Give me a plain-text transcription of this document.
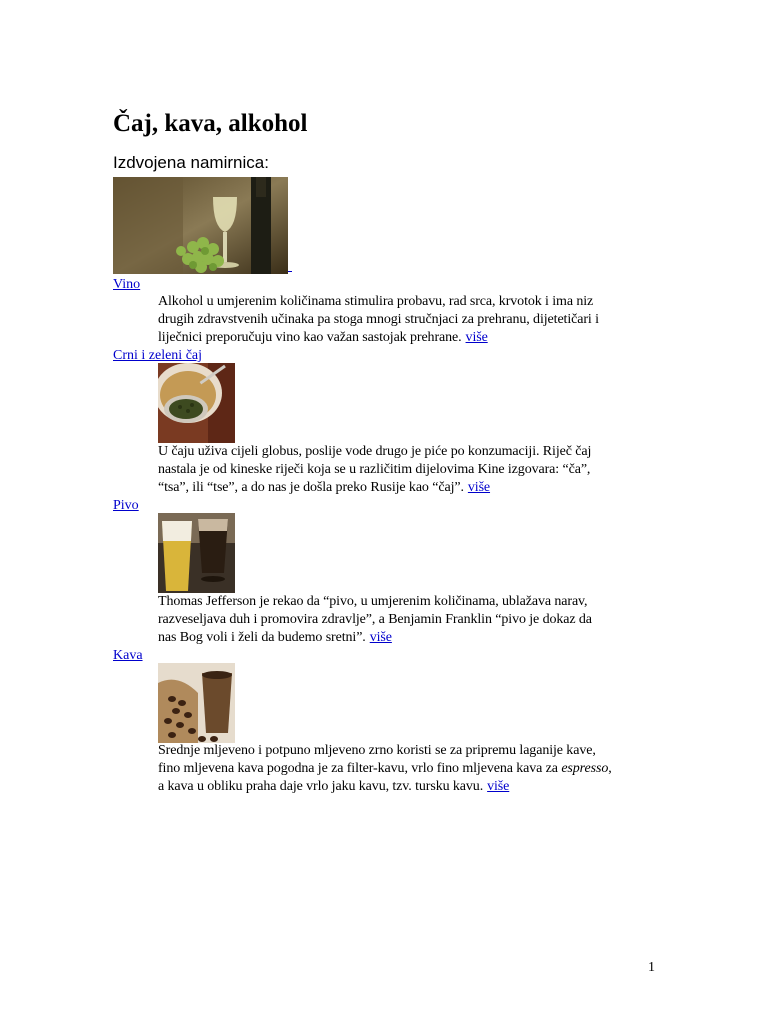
Čaj, kava, alkohol
Izdvojena namirnica:
Vino
Alkohol u umjerenim količinama stimulira probavu, rad srca, krvotok i ima niz
drugih zdravstvenih učinaka pa stoga mnogi stručnjaci za prehranu, dijetetičari i
liječnici preporučuju vino kao važan sastojak prehrane. više
Crni i zeleni čaj
U čaju uživa cijeli globus, poslije vode drugo je piće po konzumaciji. Riječ čaj
nastala je od kineske riječi koja se u različitim dijelovima Kine izgovara: “ča”,
“tsa”, ili “tse”, a do nas je došla preko Rusije kao “čaj”. više
Pivo
Thomas Jefferson je rekao da “pivo, u umjerenim količinama, ublažava narav,
razveseljava duh i promovira zdravlje”, a Benjamin Franklin “pivo je dokaz da
nas Bog voli i želi da budemo sretni”. više
Kava
Srednje mljeveno i potpuno mljeveno zrno koristi se za pripremu laganije kave,
fino mljevena kava pogodna je za filter-kavu, vrlo fino mljevena kava za espresso,
a kava u obliku praha daje vrlo jaku kavu, tzv. tursku kavu. više
1
